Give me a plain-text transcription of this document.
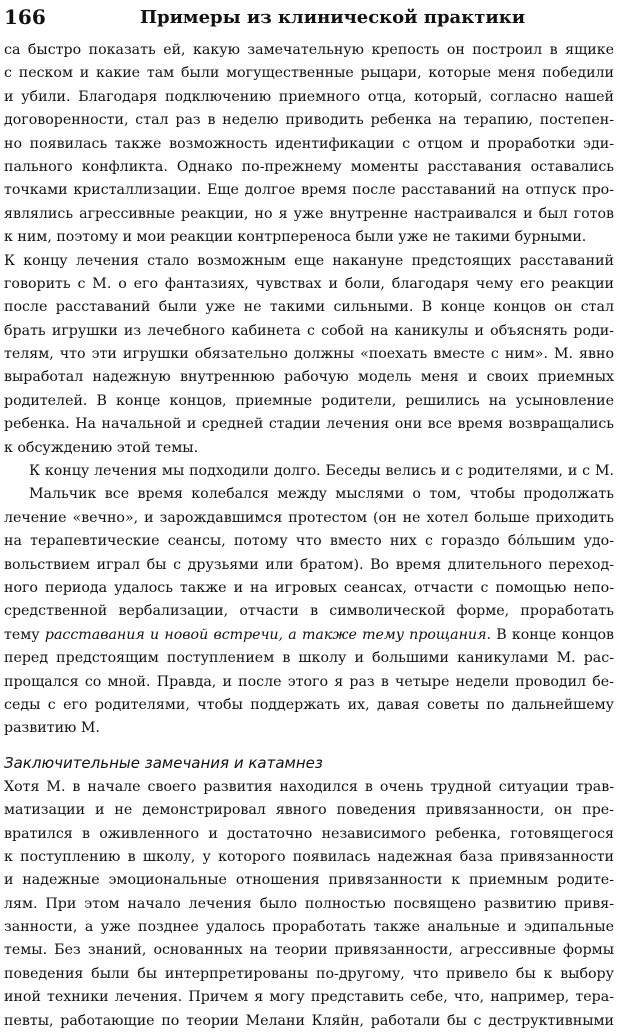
166	Примеры из клинической практики
са быстро показать ей, какую замечательную крепость он построил в ящике
с песком и какие там были могущественные рыцари, которые меня победили
и убили. Благодаря подключению приемного отца, который, согласно нашей
договоренности, стал раз в неделю приводить ребенка на терапию, постепен-
но появилась также возможность идентификации с отцом и проработки эди-
пального конфликта. Однако по-прежнему моменты расставания оставались
точками кристаллизации. Еще долгое время после расставаний на отпуск про-
являлись агрессивные реакции, но я уже внутренне настраивался и был готов
к ним, поэтому и мои реакции контрпереноса были уже не такими бурными.
К концу лечения стало возможным еще накануне предстоящих расставаний
говорить с М. о его фантазиях, чувствах и боли, благодаря чему его реакции
после расставаний были уже не такими сильными. В конце концов он стал
брать игрушки из лечебного кабинета с собой на каникулы и объяснять роди-
телям, что эти игрушки обязательно должны «поехать вместе с ним». М. явно
выработал надежную внутреннюю рабочую модель меня и своих приемных
родителей. В конце концов, приемные родители, решились на усыновление
ребенка. На начальной и средней стадии лечения они все время возвращались
к обсуждению этой темы.
К концу лечения мы подходили долго. Беседы велись и с родителями, и с М.
Мальчик все время колебался между мыслями о том, чтобы продолжать
лечение «вечно», и зарождавшимся протестом (он не хотел больше приходить
на терапевтические сеансы, потому что вместо них с гораздо бо́льшим удо-
вольствием играл бы с друзьями или братом). Во время длительного переход-
ного периода удалось также и на игровых сеансах, отчасти с помощью непо-
средственной вербализации, отчасти в символической форме, проработать
тему расставания и новой встречи, а также тему прощания. В конце концов
перед предстоящим поступлением в школу и большими каникулами М. рас-
прощался со мной. Правда, и после этого я раз в четыре недели проводил бе-
седы с его родителями, чтобы поддержать их, давая советы по дальнейшему
развитию М.
Заключительные замечания и катамнез
Хотя М. в начале своего развития находился в очень трудной ситуации трав-
матизации и не демонстрировал явного поведения привязанности, он пре-
вратился в оживленного и достаточно независимого ребенка, готовящегося
к поступлению в школу, у которого появилась надежная база привязанности
и надежные эмоциональные отношения привязанности к приемным родите-
лям. При этом начало лечения было полностью посвящено развитию привя-
занности, а уже позднее удалось проработать также анальные и эдипальные
темы. Без знаний, основанных на теории привязанности, агрессивные формы
поведения были бы интерпретированы по-другому, что привело бы к выбору
иной техники лечения. Причем я могу представить себе, что, например, тера-
певты, работающие по теории Мелани Кляйн, работали бы с деструктивными
